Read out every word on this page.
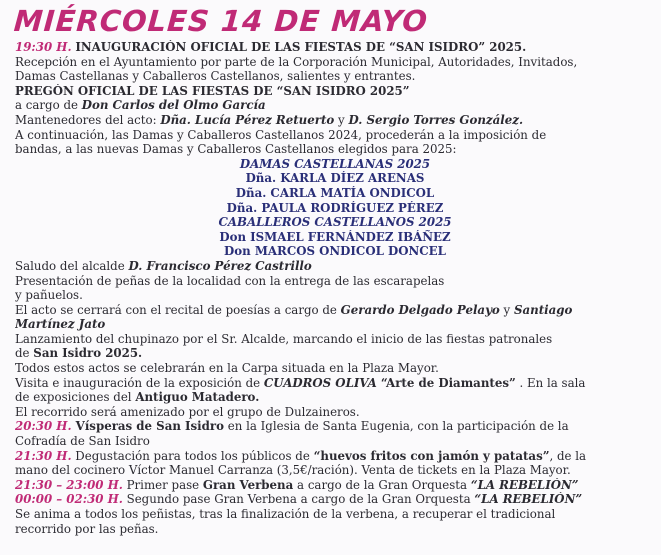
MIÉRCOLES 14 DE MAYO
19:30 H. INAUGURACIÓN OFICIAL DE LAS FIESTAS DE “SAN ISIDRO” 2025.
Recepción en el Ayuntamiento por parte de la Corporación Municipal, Autoridades, Invitados,
Damas Castellanas y Caballeros Castellanos, salientes y entrantes.
PREGÓN OFICIAL DE LAS FIESTAS DE “SAN ISIDRO 2025”
a cargo de Don Carlos del Olmo García
Mantenedores del acto: Dña. Lucía Pérez Retuerto y D. Sergio Torres González.
A continuación, las Damas y Caballeros Castellanos 2024, procederán a la imposición de
bandas, a las nuevas Damas y Caballeros Castellanos elegidos para 2025:
DAMAS CASTELLANAS 2025
Dña. KARLA DÍEZ ARENAS
Dña. CARLA MATÍA ONDICOL
Dña. PAULA RODRÍGUEZ PÉREZ
CABALLEROS CASTELLANOS 2025
Don ISMAEL FERNÁNDEZ IBÁÑEZ
Don MARCOS ONDICOL DONCEL
Saludo del alcalde D. Francisco Pérez Castrillo
Presentación de peñas de la localidad con la entrega de las escarapelas
y pañuelos.
El acto se cerrará con el recital de poesías a cargo de Gerardo Delgado Pelayo y Santiago
Martínez Jato
Lanzamiento del chupinazo por el Sr. Alcalde, marcando el inicio de las fiestas patronales
de San Isidro 2025.
Todos estos actos se celebrarán en la Carpa situada en la Plaza Mayor.
Visita e inauguración de la exposición de CUADROS OLIVA “Arte de Diamantes” . En la sala
de exposiciones del Antiguo Matadero.
El recorrido será amenizado por el grupo de Dulzaineros.
20:30 H. Vísperas de San Isidro en la Iglesia de Santa Eugenia, con la participación de la
Cofradía de San Isidro
21:30 H. Degustación para todos los públicos de “huevos fritos con jamón y patatas”, de la
mano del cocinero Víctor Manuel Carranza (3,5€/ración). Venta de tickets en la Plaza Mayor.
21:30 – 23:00 H. Primer pase Gran Verbena a cargo de la Gran Orquesta “LA REBELIÓN”
00:00 – 02:30 H. Segundo pase Gran Verbena a cargo de la Gran Orquesta “LA REBELIÓN”
Se anima a todos los peñistas, tras la finalización de la verbena, a recuperar el tradicional
recorrido por las peñas.
